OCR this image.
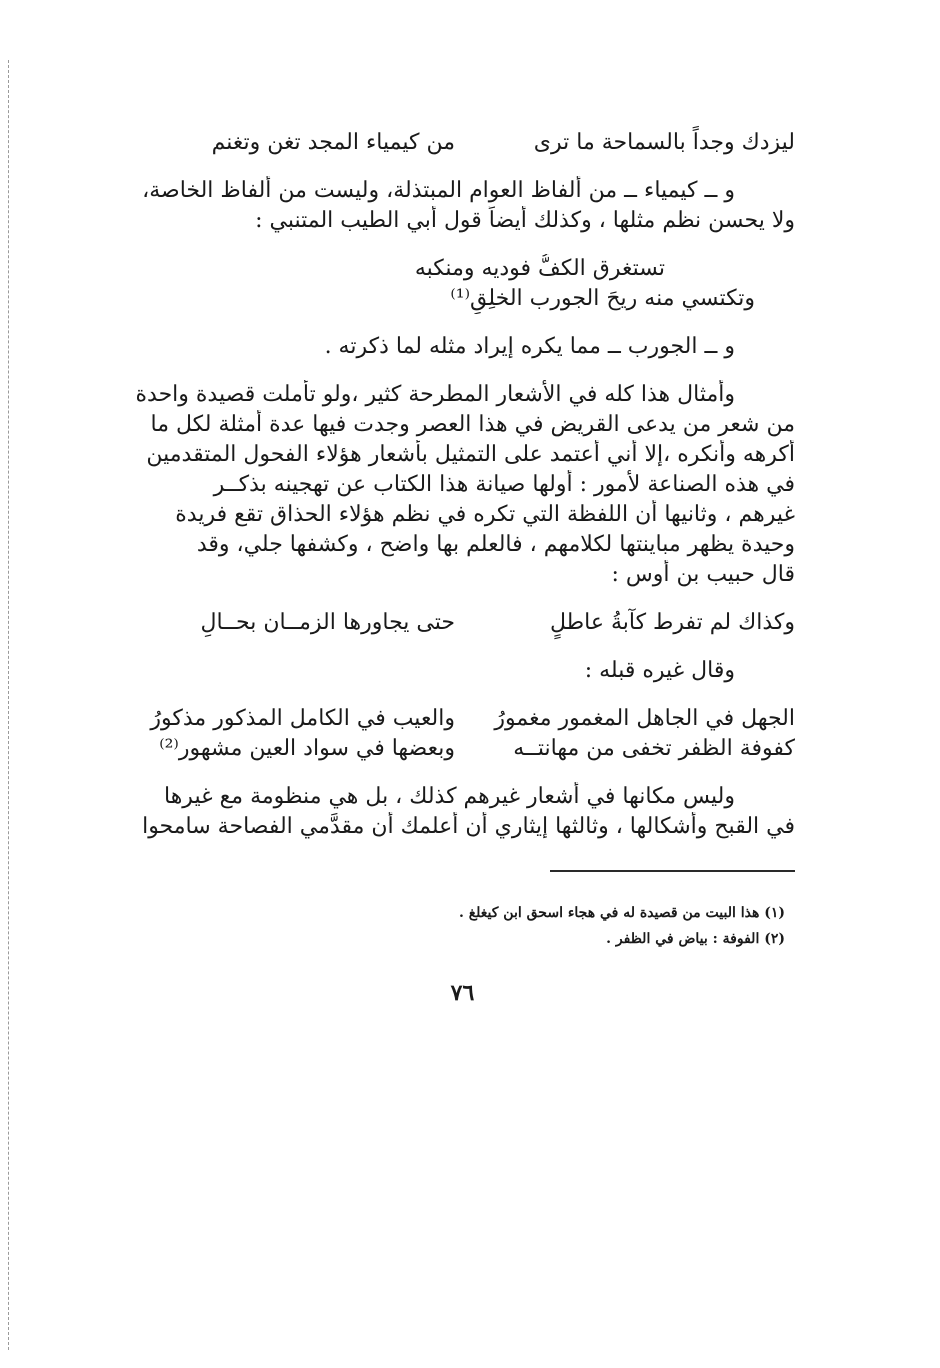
ليزدك وجداً بالسماحة ما ترى
من كيمياء المجد تغن وتغنم
و ــ كيمياء ــ من ألفاظ العوام المبتذلة، وليست من ألفاظ الخاصة،
ولا يحسن نظم مثلها ، وكذلك أيضاً قول أبي الطيب المتنبي :
تستغرق الكفُّ فوديه ومنكبه
وتكتسي منه ريحَ الجورب الخلِقِ⁽¹⁾
و ــ الجورب ــ مما يكره إيراد مثله لما ذكرته .
وأمثال هذا كله في الأشعار المطرحة كثير ،ولو تأملت قصيدة واحدة
من شعر من يدعى القريض في هذا العصر وجدت فيها عدة أمثلة لكل ما
أكرهه وأنكره ،إلا أني أعتمد على التمثيل بأشعار هؤلاء الفحول المتقدمين
في هذه الصناعة لأمور : أولها صيانة هذا الكتاب عن تهجينه بذكــر
غيرهم ، وثانيها أن اللفظة التي تكره في نظم هؤلاء الحذاق تقع فريدة
وحيدة يظهر مباينتها لكلامهم ، فالعلم بها واضح ، وكشفها جلي، وقد
قال حبيب بن أوس :
وكذاك لم تفرط كآبةُ عاطلٍ
حتى يجاورها الزمــان بحــالِ
وقال غيره قبله :
الجهل في الجاهل المغمور مغمورُ
والعيب في الكامل المذكور مذكورُ
كفوفة الظفر تخفى من مهانتــه
وبعضها في سواد العين مشهور⁽²⁾
وليس مكانها في أشعار غيرهم كذلك ، بل هي منظومة مع غيرها
في القبح وأشكالها ، وثالثها إيثاري أن أعلمك أن مقدَّمي الفصاحة سامحوا
(١) هذا البيت من قصيدة له في هجاء اسحق ابن كيغلغ .
(٢) الفوفة : بياض في الظفر .
٧٦
